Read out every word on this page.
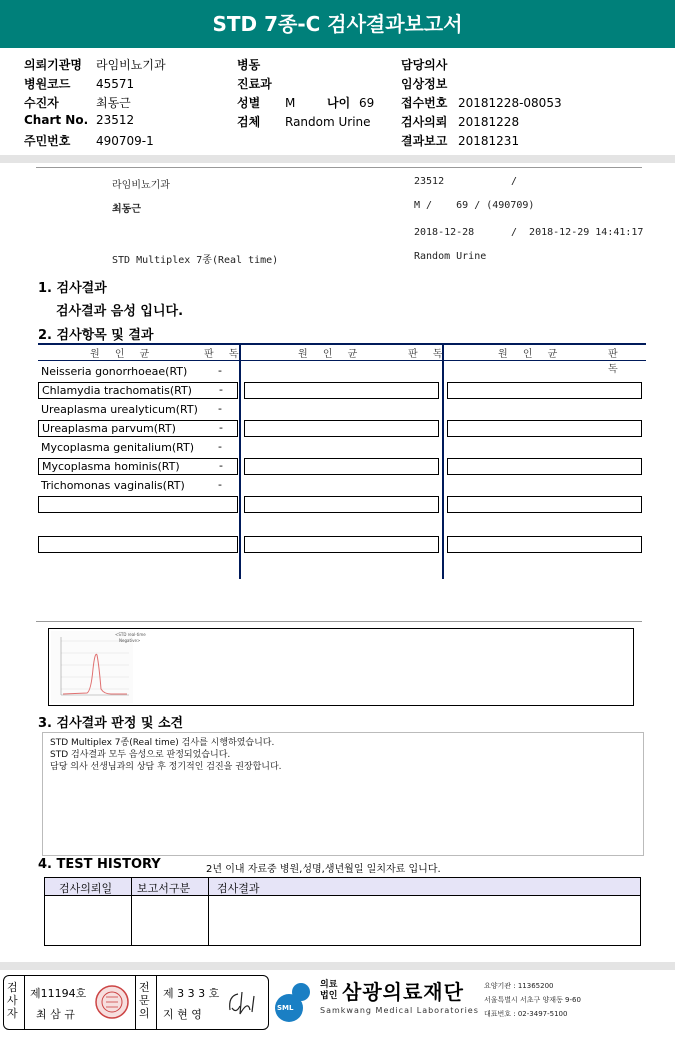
STD 7종-C 검사결과보고서
의뢰기관명 라임비뇨기과
병원코드 45571
수진자	최동근
Chart No. 23512
주민번호 490709-1
병동
진료과
성별 M	나이 69
검체 Random Urine
담당의사
임상정보
접수번호 20181228-08053
검사의뢰 20181228
결과보고 20181231
라임비뇨기과	23512	/
최동근	M /    69 / (490709)
2018-12-28	/  2018-12-29 14:41:17
STD Multiplex 7종(Real time)	Random Urine
1. 검사결과
검사결과 음성 입니다.
2. 검사항목 및 결과
원 인 균	판 독	원 인 균	판 독	원 인 균	판 독
Neisseria gonorrhoeae(RT)	-
Chlamydia trachomatis(RT) -
Ureaplasma urealyticum(RT) -
Ureaplasma parvum(RT)	-
Mycoplasma genitalium(RT) -
Mycoplasma hominis(RT)	-
Trichomonas vaginalis(RT)	-
<STD real-time
Negative>
3. 검사결과 판정 및 소견
STD Multiplex 7종(Real time) 검사를 시행하였습니다.
STD 검사결과 모두 음성으로 판정되었습니다.
담당 의사 선생님과의 상담 후 정기적인 검진을 권장합니다.
4. TEST HISTORY	2년 이내 자료중 병원,성명,생년월일 일치자료 입니다.
검사의뢰일 보고서구분 검사결과
검사자
제11194호
최 삼 규
전문의
제 3 3 3 호
지 현 영	SML
의료
법인 삼광의료재단
Samkwang Medical Laboratories
요양기관 : 11365200
서울특별시 서초구 양재동 9-60
대표번호 : 02-3497-5100
